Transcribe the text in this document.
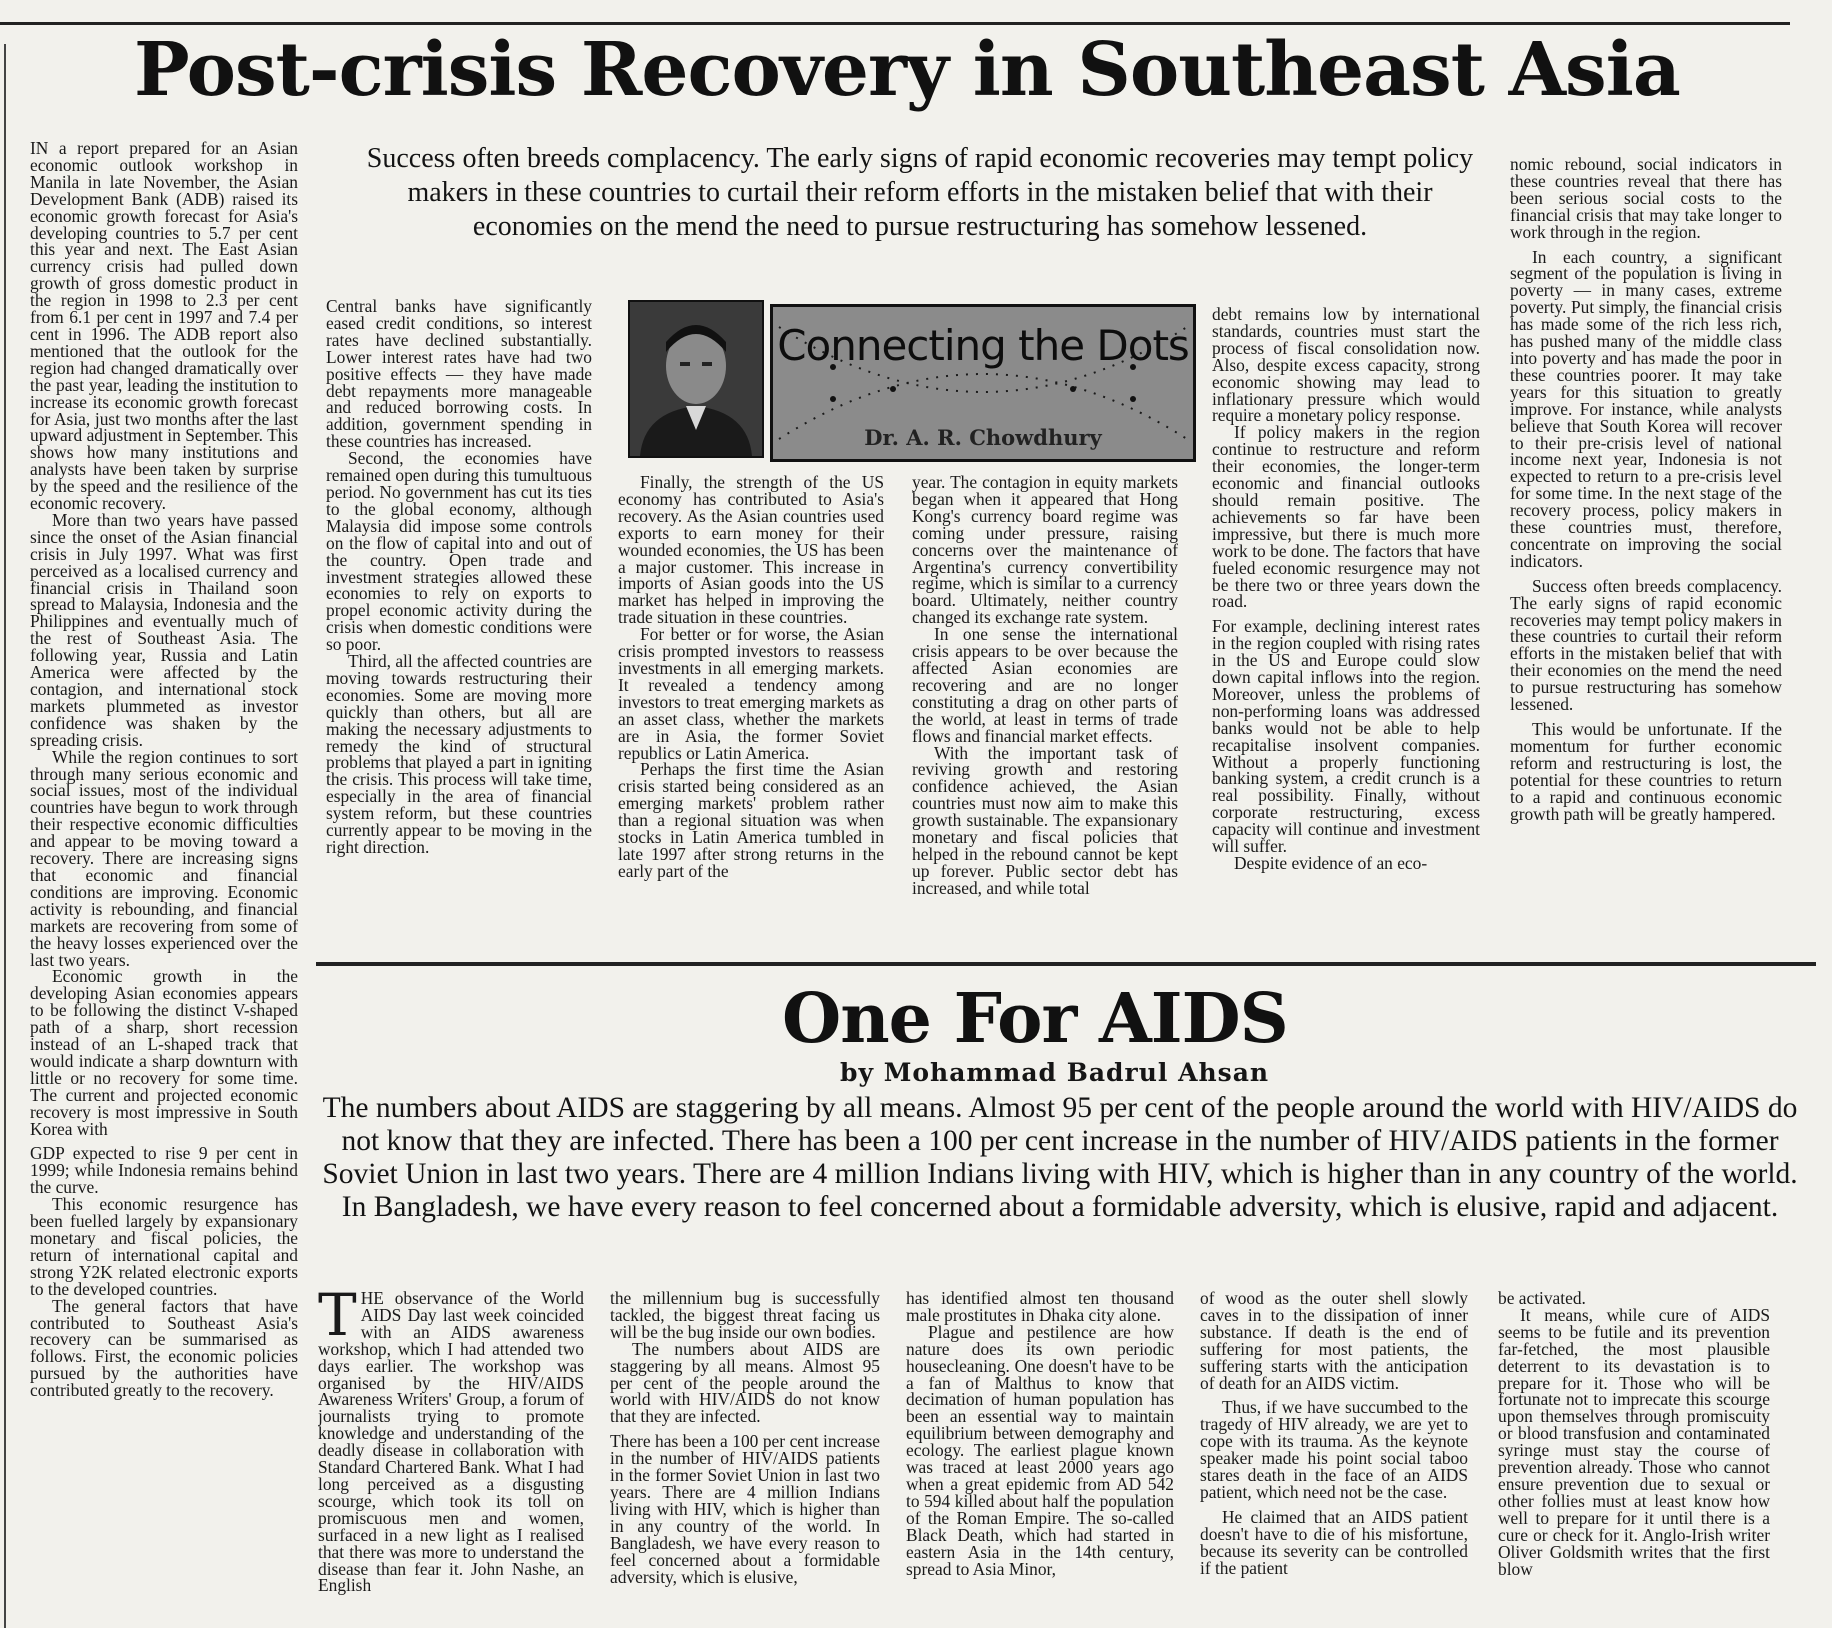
Post-crisis Recovery in Southeast Asia
Success often breeds complacency. The early signs of rapid economic recoveries may tempt policy makers in these countries to curtail their reform efforts in the mistaken belief that with their economies on the mend the need to pursue restructuring has somehow lessened.

IN a report prepared for an Asian economic outlook workshop in Manila in late November, the Asian Development Bank (ADB) raised its economic growth forecast for Asia's developing countries to 5.7 per cent this year and next. The East Asian currency crisis had pulled down growth of gross domestic product in the region in 1998 to 2.3 per cent from 6.1 per cent in 1997 and 7.4 per cent in 1996. The ADB report also mentioned that the outlook for the region had changed dramatically over the past year, leading the institution to increase its economic growth forecast for Asia, just two months after the last upward adjustment in September. This shows how many institutions and analysts have been taken by surprise by the speed and the resilience of the economic recovery.

More than two years have passed since the onset of the Asian financial crisis in July 1997. What was first perceived as a localised currency and financial crisis in Thailand soon spread to Malaysia, Indonesia and the Philippines and eventually much of the rest of Southeast Asia. The following year, Russia and Latin America were affected by the contagion, and international stock markets plummeted as investor confidence was shaken by the spreading crisis.

While the region continues to sort through many serious economic and social issues, most of the individual countries have begun to work through their respective economic difficulties and appear to be moving toward a recovery. There are increasing signs that economic and financial conditions are improving. Economic activity is rebounding, and financial markets are recovering from some of the heavy losses experienced over the last two years.

Economic growth in the developing Asian economies appears to be following the distinct V-shaped path of a sharp, short recession instead of an L-shaped track that would indicate a sharp downturn with little or no recovery for some time. The current and projected economic recovery is most impressive in South Korea with

GDP expected to rise 9 per cent in 1999; while Indonesia remains behind the curve.

This economic resurgence has been fuelled largely by expansionary monetary and fiscal policies, the return of international capital and strong Y2K related electronic exports to the developed countries.

The general factors that have contributed to Southeast Asia's recovery can be summarised as follows. First, the economic policies pursued by the authorities have contributed greatly to the recovery.

Central banks have significantly eased credit conditions, so interest rates have declined substantially. Lower interest rates have had two positive effects — they have made debt repayments more manageable and reduced borrowing costs. In addition, government spending in these countries has increased.

Second, the economies have remained open during this tumultuous period. No government has cut its ties to the global economy, although Malaysia did impose some controls on the flow of capital into and out of the country. Open trade and investment strategies allowed these economies to rely on exports to propel economic activity during the crisis when domestic conditions were so poor.

Third, all the affected countries are moving towards restructuring their economies. Some are moving more quickly than others, but all are making the necessary adjustments to remedy the kind of structural problems that played a part in igniting the crisis. This process will take time, especially in the area of financial system reform, but these countries currently appear to be moving in the right direction.

Connecting the Dots
Dr. A. R. Chowdhury

Finally, the strength of the US economy has contributed to Asia's recovery. As the Asian countries used exports to earn money for their wounded economies, the US has been a major customer. This increase in imports of Asian goods into the US market has helped in improving the trade situation in these countries.

For better or for worse, the Asian crisis prompted investors to reassess investments in all emerging markets. It revealed a tendency among investors to treat emerging markets as an asset class, whether the markets are in Asia, the former Soviet republics or Latin America.

Perhaps the first time the Asian crisis started being considered as an emerging markets' problem rather than a regional situation was when stocks in Latin America tumbled in late 1997 after strong returns in the early part of the

year. The contagion in equity markets began when it appeared that Hong Kong's currency board regime was coming under pressure, raising concerns over the maintenance of Argentina's currency convertibility regime, which is similar to a currency board. Ultimately, neither country changed its exchange rate system.

In one sense the international crisis appears to be over because the affected Asian economies are recovering and are no longer constituting a drag on other parts of the world, at least in terms of trade flows and financial market effects.

With the important task of reviving growth and restoring confidence achieved, the Asian countries must now aim to make this growth sustainable. The expansionary monetary and fiscal policies that helped in the rebound cannot be kept up forever. Public sector debt has increased, and while total

debt remains low by international standards, countries must start the process of fiscal consolidation now. Also, despite excess capacity, strong economic showing may lead to inflationary pressure which would require a monetary policy response.

If policy makers in the region continue to restructure and reform their economies, the longer-term economic and financial outlooks should remain positive. The achievements so far have been impressive, but there is much more work to be done. The factors that have fueled economic resurgence may not be there two or three years down the road.

For example, declining interest rates in the region coupled with rising rates in the US and Europe could slow down capital inflows into the region. Moreover, unless the problems of non-performing loans was addressed banks would not be able to help recapitalise insolvent companies. Without a properly functioning banking system, a credit crunch is a real possibility. Finally, without corporate restructuring, excess capacity will continue and investment will suffer.

Despite evidence of an eco-

nomic rebound, social indicators in these countries reveal that there has been serious social costs to the financial crisis that may take longer to work through in the region.

In each country, a significant segment of the population is living in poverty — in many cases, extreme poverty. Put simply, the financial crisis has made some of the rich less rich, has pushed many of the middle class into poverty and has made the poor in these countries poorer. It may take years for this situation to greatly improve. For instance, while analysts believe that South Korea will recover to their pre-crisis level of national income next year, Indonesia is not expected to return to a pre-crisis level for some time. In the next stage of the recovery process, policy makers in these countries must, therefore, concentrate on improving the social indicators.

Success often breeds complacency. The early signs of rapid economic recoveries may tempt policy makers in these countries to curtail their reform efforts in the mistaken belief that with their economies on the mend the need to pursue restructuring has somehow lessened.

This would be unfortunate. If the momentum for further economic reform and restructuring is lost, the potential for these countries to return to a rapid and continuous economic growth path will be greatly hampered.

One For AIDS
by Mohammad Badrul Ahsan
The numbers about AIDS are staggering by all means. Almost 95 per cent of the people around the world with HIV/AIDS do not know that they are infected. There has been a 100 per cent increase in the number of HIV/AIDS patients in the former Soviet Union in last two years. There are 4 million Indians living with HIV, which is higher than in any country of the world. In Bangladesh, we have every reason to feel concerned about a formidable adversity, which is elusive, rapid and adjacent.

THE observance of the World AIDS Day last week coincided with an AIDS awareness workshop, which I had attended two days earlier. The workshop was organised by the HIV/AIDS Awareness Writers' Group, a forum of journalists trying to promote knowledge and understanding of the deadly disease in collaboration with Standard Chartered Bank. What I had long perceived as a disgusting scourge, which took its toll on promiscuous men and women, surfaced in a new light as I realised that there was more to understand the disease than fear it. John Nashe, an English

the millennium bug is successfully tackled, the biggest threat facing us will be the bug inside our own bodies.

The numbers about AIDS are staggering by all means. Almost 95 per cent of the people around the world with HIV/AIDS do not know that they are infected.

There has been a 100 per cent increase in the number of HIV/AIDS patients in the former Soviet Union in last two years. There are 4 million Indians living with HIV, which is higher than in any country of the world. In Bangladesh, we have every reason to feel concerned about a formidable adversity, which is elusive,

has identified almost ten thousand male prostitutes in Dhaka city alone.

Plague and pestilence are how nature does its own periodic housecleaning. One doesn't have to be a fan of Malthus to know that decimation of human population has been an essential way to maintain equilibrium between demography and ecology. The earliest plague known was traced at least 2000 years ago when a great epidemic from AD 542 to 594 killed about half the population of the Roman Empire. The so-called Black Death, which had started in eastern Asia in the 14th century, spread to Asia Minor,

of wood as the outer shell slowly caves in to the dissipation of inner substance. If death is the end of suffering for most patients, the suffering starts with the anticipation of death for an AIDS victim.

Thus, if we have succumbed to the tragedy of HIV already, we are yet to cope with its trauma. As the keynote speaker made his point social taboo stares death in the face of an AIDS patient, which need not be the case.

He claimed that an AIDS patient doesn't have to die of his misfortune, because its severity can be controlled if the patient

be activated.

It means, while cure of AIDS seems to be futile and its prevention far-fetched, the most plausible deterrent to its devastation is to prepare for it. Those who will be fortunate not to imprecate this scourge upon themselves through promiscuity or blood transfusion and contaminated syringe must stay the course of prevention already. Those who cannot ensure prevention due to sexual or other follies must at least know how well to prepare for it until there is a cure or check for it. Anglo-Irish writer Oliver Goldsmith writes that the first blow
